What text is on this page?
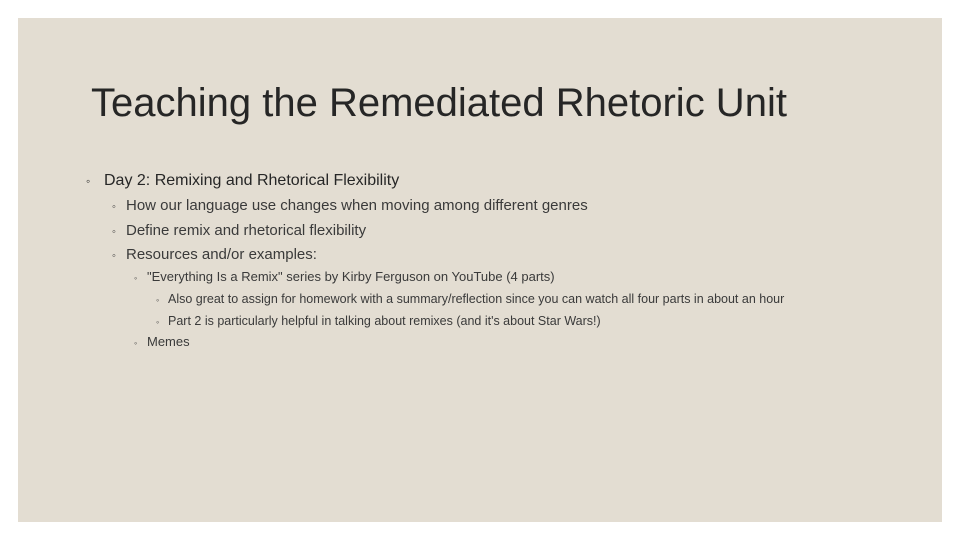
Teaching the Remediated Rhetoric Unit
◦ Day 2: Remixing and Rhetorical Flexibility
◦ How our language use changes when moving among different genres
◦ Define remix and rhetorical flexibility
◦ Resources and/or examples:
◦ "Everything Is a Remix" series by Kirby Ferguson on YouTube (4 parts)
◦ Also great to assign for homework with a summary/reflection since you can watch all four parts in about an hour
◦ Part 2 is particularly helpful in talking about remixes (and it's about Star Wars!)
◦ Memes
